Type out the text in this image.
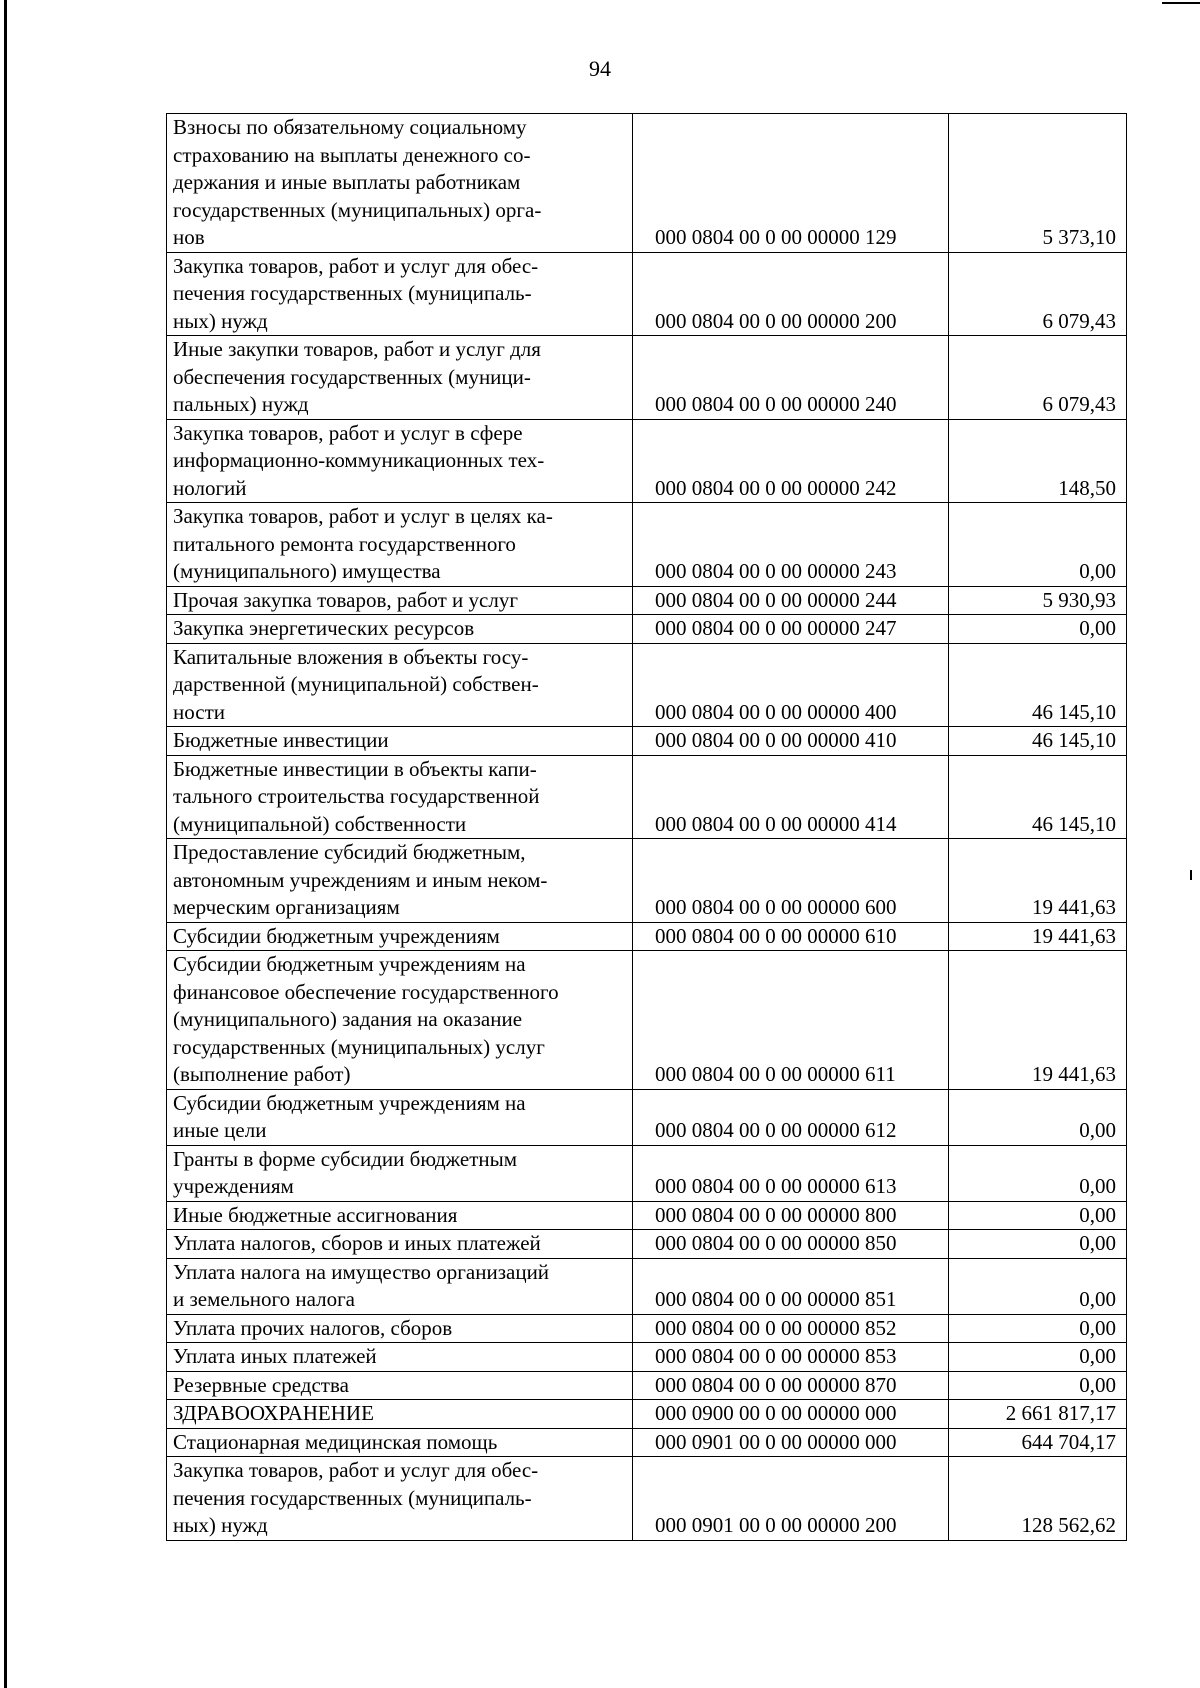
94
Взносы по обязательному социальному
страхованию на выплаты денежного со-
держания и иные выплаты работникам
государственных (муниципальных) орга-
нов	000 0804 00 0 00 00000 129	5 373,10

Закупка товаров, работ и услуг для обес-
печения государственных (муниципаль-
ных) нужд	000 0804 00 0 00 00000 200	6 079,43

Иные закупки товаров, работ и услуг для
обеспечения государственных (муници-
пальных) нужд	000 0804 00 0 00 00000 240	6 079,43

Закупка товаров, работ и услуг в сфере
информационно-коммуникационных тех-
нологий	000 0804 00 0 00 00000 242	148,50

Закупка товаров, работ и услуг в целях ка-
питального ремонта государственного
(муниципального) имущества	000 0804 00 0 00 00000 243	0,00

Прочая закупка товаров, работ и услуг	000 0804 00 0 00 00000 244	5 930,93

Закупка энергетических ресурсов	000 0804 00 0 00 00000 247	0,00

Капитальные вложения в объекты госу-
дарственной (муниципальной) собствен-
ности	000 0804 00 0 00 00000 400	46 145,10

Бюджетные инвестиции	000 0804 00 0 00 00000 410	46 145,10

Бюджетные инвестиции в объекты капи-
тального строительства государственной
(муниципальной) собственности	000 0804 00 0 00 00000 414	46 145,10

Предоставление субсидий бюджетным,
автономным учреждениям и иным неком-
мерческим организациям	000 0804 00 0 00 00000 600	19 441,63

Субсидии бюджетным учреждениям	000 0804 00 0 00 00000 610	19 441,63

Субсидии бюджетным учреждениям на
финансовое обеспечение государственного
(муниципального) задания на оказание
государственных (муниципальных) услуг
(выполнение работ)	000 0804 00 0 00 00000 611	19 441,63

Субсидии бюджетным учреждениям на
иные цели	000 0804 00 0 00 00000 612	0,00

Гранты в форме субсидии бюджетным
учреждениям	000 0804 00 0 00 00000 613	0,00

Иные бюджетные ассигнования	000 0804 00 0 00 00000 800	0,00

Уплата налогов, сборов и иных платежей	000 0804 00 0 00 00000 850	0,00

Уплата налога на имущество организаций
и земельного налога	000 0804 00 0 00 00000 851	0,00

Уплата прочих налогов, сборов	000 0804 00 0 00 00000 852	0,00

Уплата иных платежей	000 0804 00 0 00 00000 853	0,00

Резервные средства	000 0804 00 0 00 00000 870	0,00

ЗДРАВООХРАНЕНИЕ	000 0900 00 0 00 00000 000	2 661 817,17

Стационарная медицинская помощь	000 0901 00 0 00 00000 000	644 704,17

Закупка товаров, работ и услуг для обес-
печения государственных (муниципаль-
ных) нужд	000 0901 00 0 00 00000 200	128 562,62
